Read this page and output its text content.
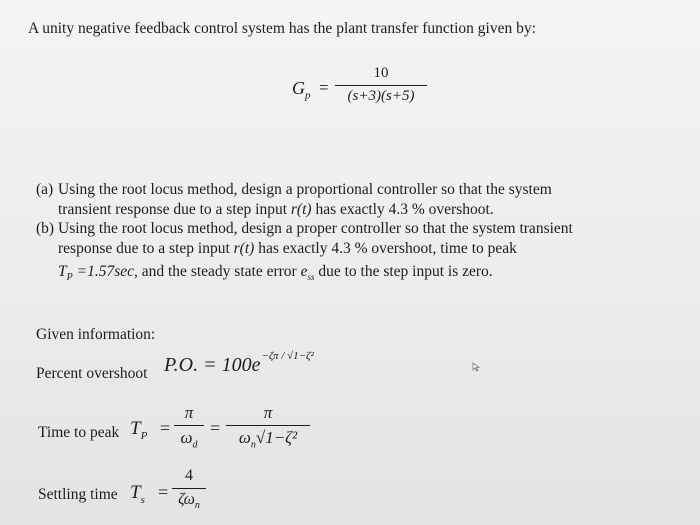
A unity negative feedback control system has the plant transfer function given by:
$G_p$ =
10
(s+3)(s+5)
(a) Using the root locus method, design a proportional controller so that the system
transient response due to a step input r(t) has exactly 4.3 % overshoot.
(b) Using the root locus method, design a proper controller so that the system transient
response due to a step input r(t) has exactly 4.3 % overshoot, time to peak
$T_P =1.57\sec$, and the steady state error $e_{ss}$ due to the step input is zero.
Given information:
Percent overshoot P.O. = $100e^{-\zeta\pi / √1-\zeta^2}$
Time to peak $T_P$ =
π
$\omega_d$
=
π
$\omega_n√1-\zeta^2$
Settling time $T_s$ =
4
$\zeta\omega_n$
